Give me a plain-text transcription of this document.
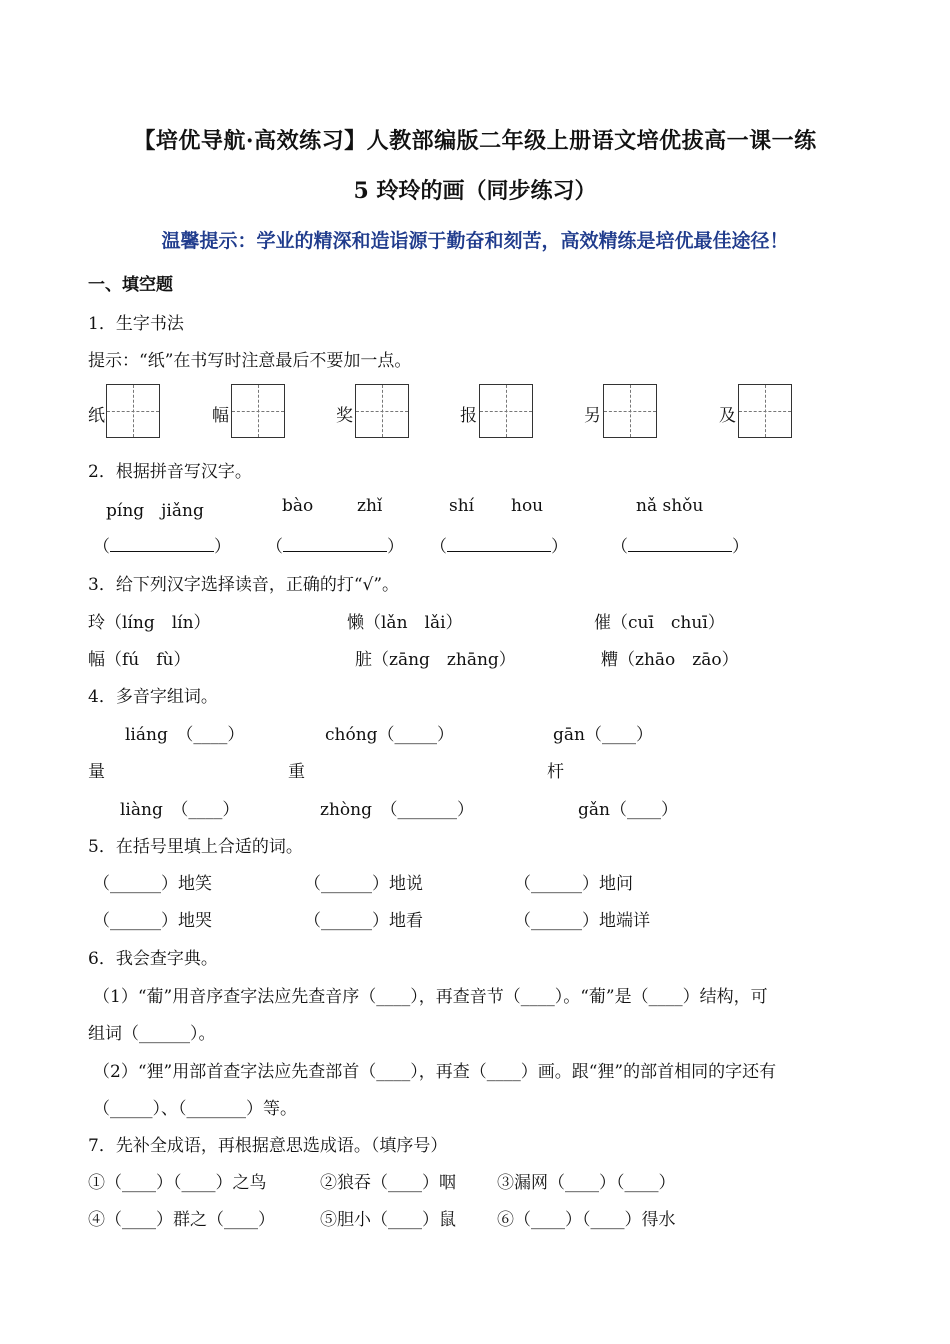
【培优导航·高效练习】人教部编版二年级上册语文培优拔高一课一练
5 玲玲的画（同步练习）
温馨提示：学业的精深和造诣源于勤奋和刻苦，高效精练是培优最佳途径！
一、填空题
1．生字书法
提示：“纸”在书写时注意最后不要加一点。
纸	幅	奖	报	另	及
2．根据拼音写汉字。
píng　jiǎng	bào	zhǐ	shí hou	nǎ shǒu
（	） （	） （	）	（	）
3．给下列汉字选择读音，正确的打“√”。
玲（líng　lín）	懒（lǎn　lǎi）	催（cuī　chuī）
幅（fú　fù）	脏（zāng　zhāng）	糟（zhāo　zāo）
4．多音字组词。
liáng　（____）	chóng（_____）	gān（____）
量	重	杆
liàng　（____）	zhòng　（_______）	gǎn（____）
5．在括号里填上合适的词。
（______）地笑	（______）地说	（______）地问
（______）地哭	（______）地看	（______）地端详
6．我会查字典。
（1）“葡”用音序查字法应先查音序（____），再查音节（____）。“葡”是（____）结构，可
组词（______）。
（2）“狸”用部首查字法应先查部首（____），再查（____）画。跟“狸”的部首相同的字还有
（_____）、（_______）等。
7．先补全成语，再根据意思选成语。（填序号）
①（____）（____）之鸟	②狼吞（____）咽 ③漏网（____）（____）
④（____）群之（____）	⑤胆小（____）鼠 ⑥（____）（____）得水
